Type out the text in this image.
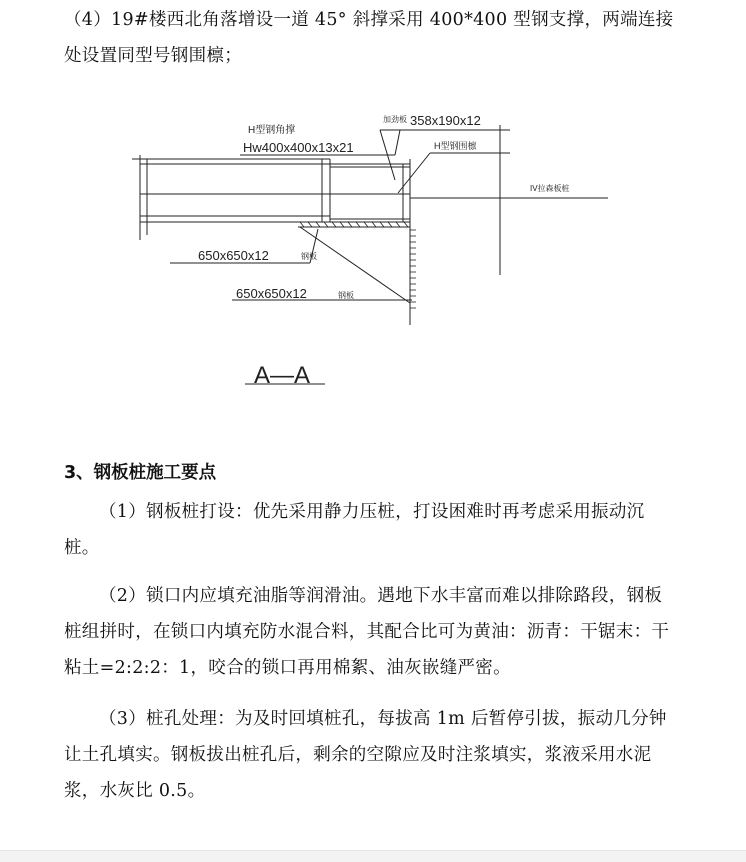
（4）19#楼西北角落增设一道 45° 斜撑采用 400*400 型钢支撑，两端连接处设置同型号钢围檩；
H型钢角撑
Hw400x400x13x21
加劲板 358x190x12
H型钢围檩
IV拉森板桩
650x650x12	钢板
650x650x12	钢板
A—A
3、钢板桩施工要点
（1）钢板桩打设：优先采用静力压桩，打设困难时再考虑采用振动沉桩。
（2）锁口内应填充油脂等润滑油。遇地下水丰富而难以排除路段，钢板桩组拼时，在锁口内填充防水混合料，其配合比可为黄油：沥青：干锯末：干粘土=2:2:2：1，咬合的锁口再用棉絮、油灰嵌缝严密。
（3）桩孔处理：为及时回填桩孔，每拔高 1m 后暂停引拔，振动几分钟让土孔填实。钢板拔出桩孔后，剩余的空隙应及时注浆填实，浆液采用水泥浆，水灰比 0.5。
